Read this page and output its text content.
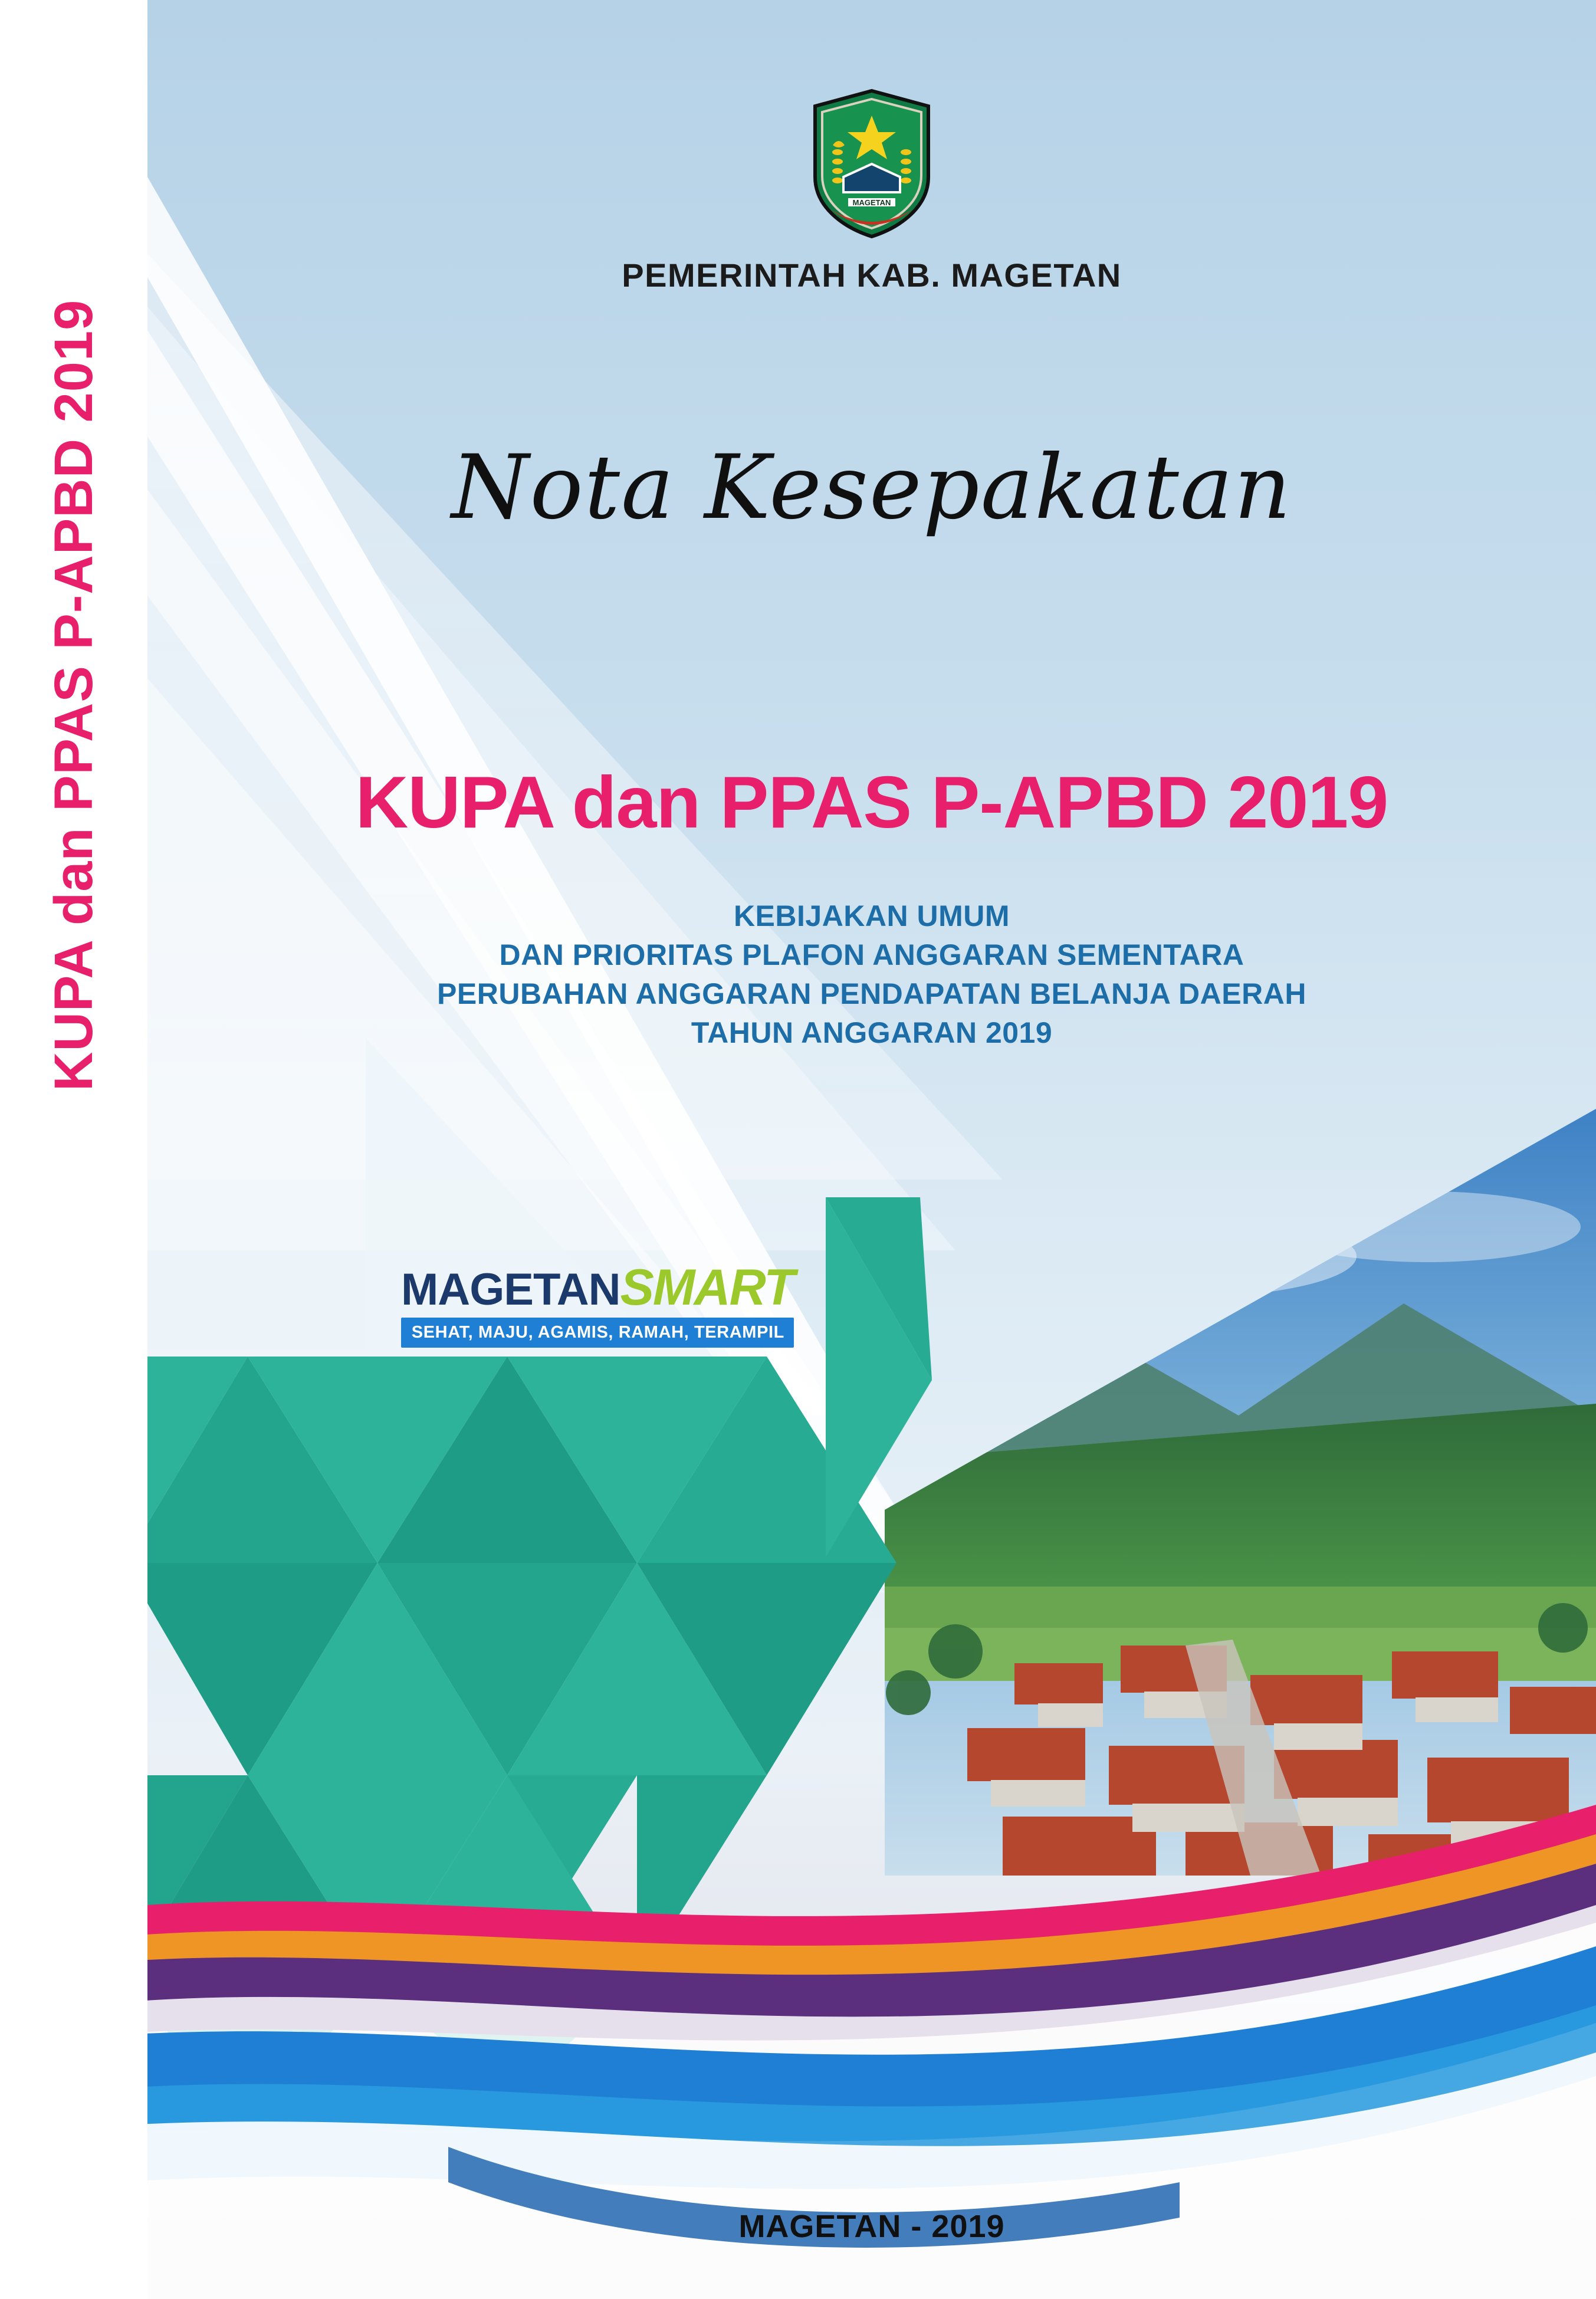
KUPA dan PPAS P-APBD 2019
MAGETAN
PEMERINTAH KAB. MAGETAN
Nota Kesepakatan
KUPA dan PPAS P-APBD 2019
KEBIJAKAN UMUM
DAN PRIORITAS PLAFON ANGGARAN SEMENTARA
PERUBAHAN ANGGARAN PENDAPATAN BELANJA DAERAH
TAHUN ANGGARAN 2019
MAGETANSMART
SEHAT, MAJU, AGAMIS, RAMAH, TERAMPIL
MAGETAN - 2019
